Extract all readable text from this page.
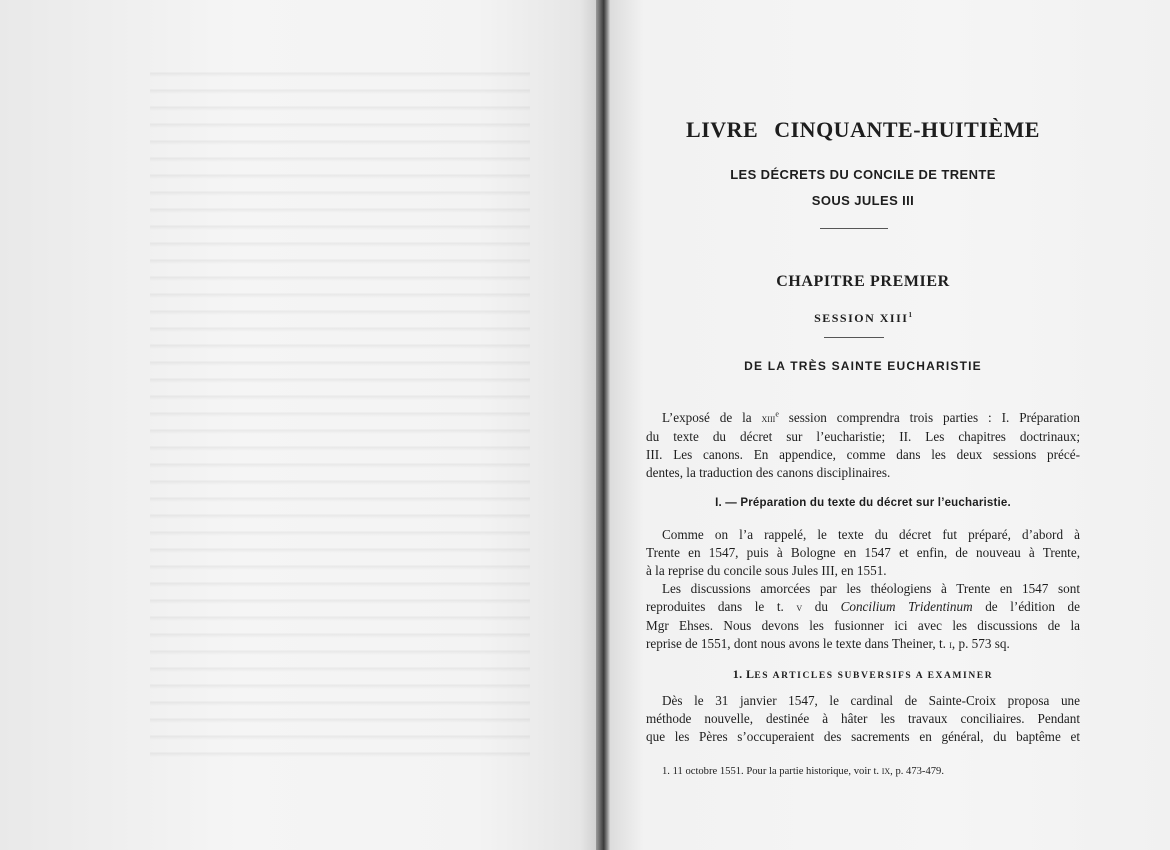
LIVRE CINQUANTE-HUITIÈME

LES DÉCRETS DU CONCILE DE TRENTE

SOUS JULES III

CHAPITRE PREMIER

SESSION XIII$^1$

DE LA TRÈS SAINTE EUCHARISTIE
L’exposé de la xiii$^e$ session comprendra trois parties : I. Préparation
du texte du décret sur l’eucharistie; II. Les chapitres doctrinaux;
III. Les canons. En appendice, comme dans les deux sessions précé-
dentes, la traduction des canons disciplinaires.
I. — Préparation du texte du décret sur l’eucharistie.
Comme on l’a rappelé, le texte du décret fut préparé, d’abord à
Trente en 1547, puis à Bologne en 1547 et enfin, de nouveau à Trente,
à la reprise du concile sous Jules III, en 1551.
Les discussions amorcées par les théologiens à Trente en 1547 sont
reproduites dans le t. v du Concilium Tridentinum de l’édition de
Mgr Ehses. Nous devons les fusionner ici avec les discussions de la
reprise de 1551, dont nous avons le texte dans Theiner, t. i, p. 573 sq.
1. LES ARTICLES SUBVERSIFS A EXAMINER
Dès le 31 janvier 1547, le cardinal de Sainte-Croix proposa une
méthode nouvelle, destinée à hâter les travaux conciliaires. Pendant
que les Pères s’occuperaient des sacrements en général, du baptême et

1. 11 octobre 1551. Pour la partie historique, voir t. ix, p. 473-479.
